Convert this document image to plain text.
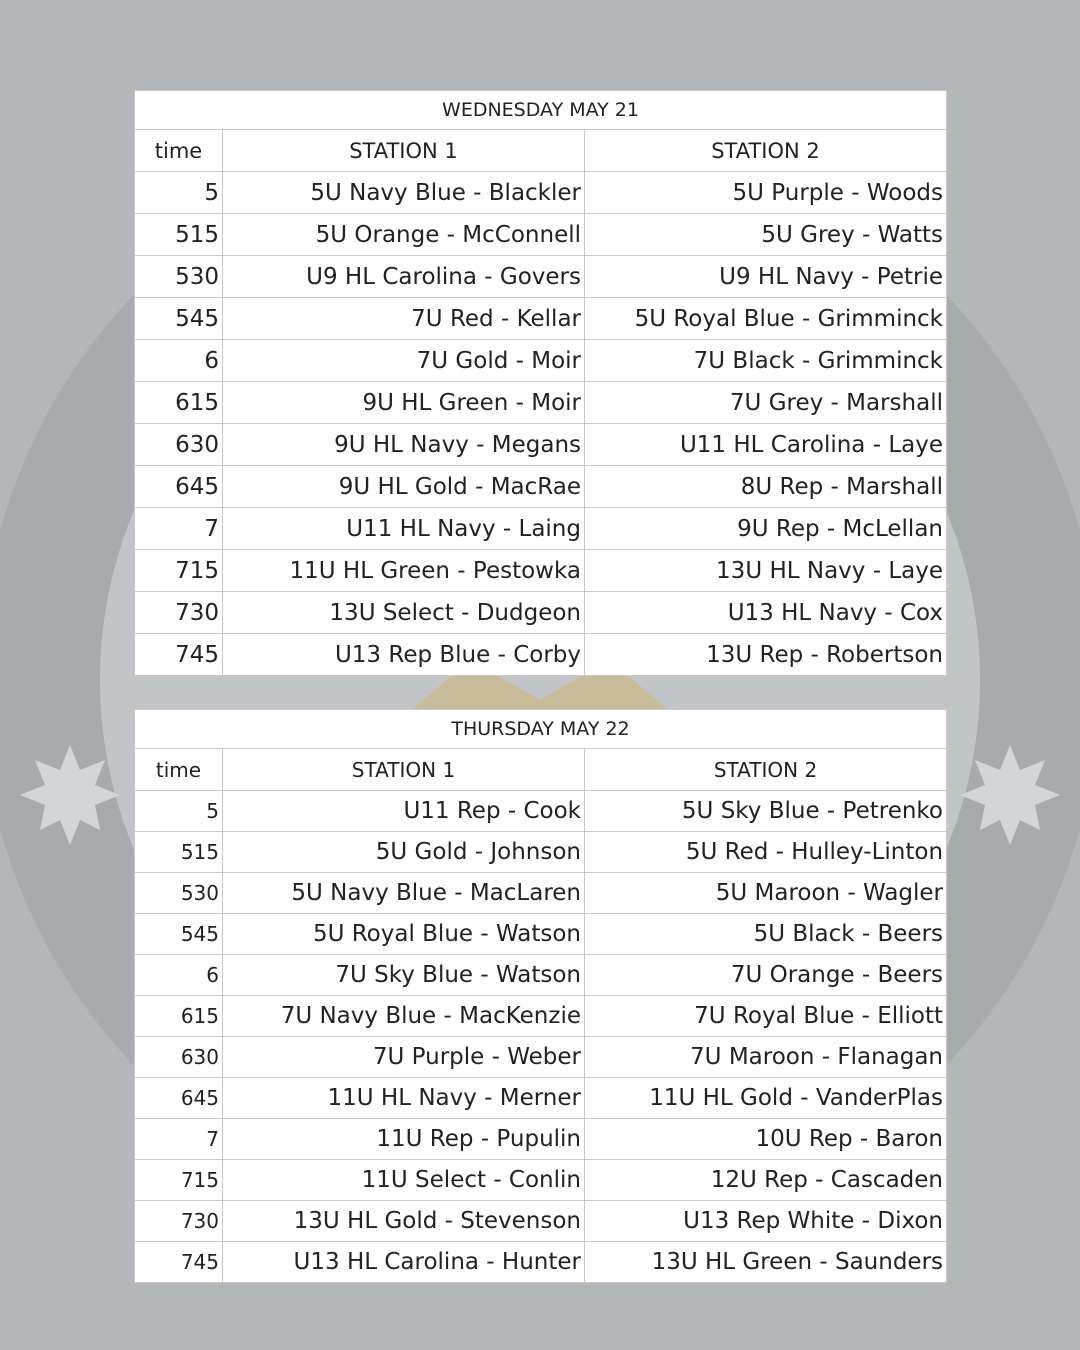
WEDNESDAY MAY 21		
time	STATION 1	STATION 2
5	5U Navy Blue - Blackler	5U Purple - Woods
515	5U Orange - McConnell	5U Grey - Watts
530	U9 HL Carolina - Govers	U9 HL Navy - Petrie
545	7U Red - Kellar	5U Royal Blue - Grimminck
6	7U Gold - Moir	7U Black - Grimminck
615	9U HL Green - Moir	7U Grey - Marshall
630	9U HL Navy - Megans	U11 HL Carolina - Laye
645	9U HL Gold - MacRae	8U Rep - Marshall
7	U11 HL Navy - Laing	9U Rep - McLellan
715	11U HL Green - Pestowka	13U HL Navy - Laye
730	13U Select - Dudgeon	U13 HL Navy - Cox
745	U13 Rep Blue - Corby	13U Rep - Robertson
THURSDAY MAY 22		
time	STATION 1	STATION 2
5	U11 Rep - Cook	5U Sky Blue - Petrenko
515	5U Gold - Johnson	5U Red - Hulley-Linton
530	5U Navy Blue - MacLaren	5U Maroon - Wagler
545	5U Royal Blue - Watson	5U Black - Beers
6	7U Sky Blue - Watson	7U Orange - Beers
615	7U Navy Blue - MacKenzie	7U Royal Blue - Elliott
630	7U Purple - Weber	7U Maroon - Flanagan
645	11U HL Navy - Merner	11U HL Gold - VanderPlas
7	11U Rep - Pupulin	10U Rep - Baron
715	11U Select - Conlin	12U Rep - Cascaden
730	13U HL Gold - Stevenson	U13 Rep White - Dixon
745	U13 HL Carolina - Hunter	13U HL Green - Saunders
